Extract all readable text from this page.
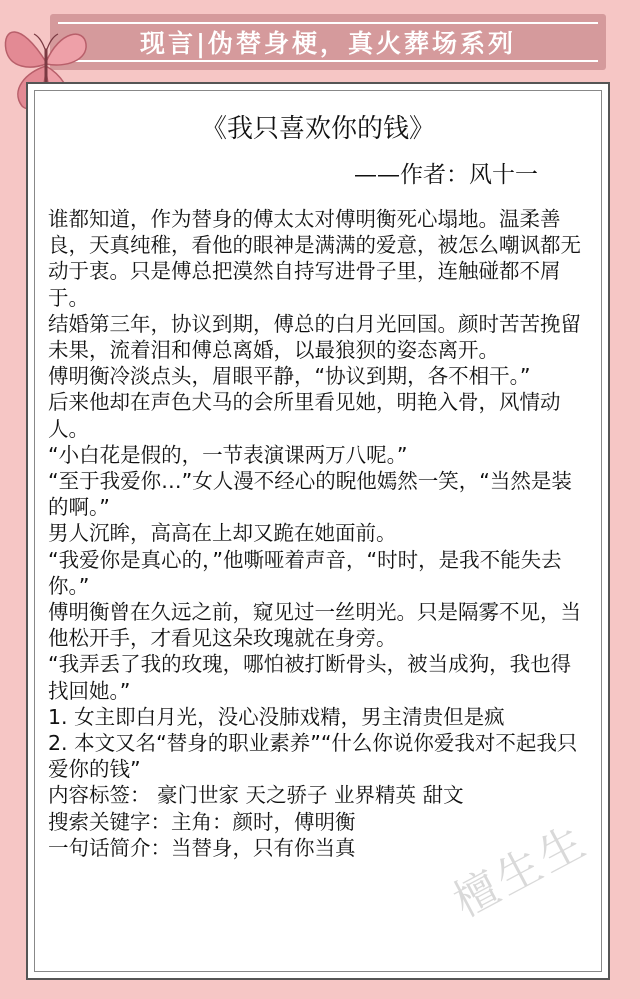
现言|伪替身梗，真火葬场系列
《我只喜欢你的钱》
——作者：风十一

谁都知道，作为替身的傅太太对傅明衡死心塌地。温柔善良，天真纯稚，看他的眼神是满满的爱意，被怎么嘲讽都无动于衷。只是傅总把漠然自持写进骨子里，连触碰都不屑于。

结婚第三年，协议到期，傅总的白月光回国。颜时苦苦挽留未果，流着泪和傅总离婚，以最狼狈的姿态离开。

傅明衡冷淡点头，眉眼平静，“协议到期，各不相干。”

后来他却在声色犬马的会所里看见她，明艳入骨，风情动人。

“小白花是假的，一节表演课两万八呢。”

“至于我爱你…”女人漫不经心的睨他嫣然一笑，“当然是装的啊。”

男人沉眸，高高在上却又跪在她面前。

“我爱你是真心的，”他嘶哑着声音，“时时，是我不能失去你。”

傅明衡曾在久远之前，窥见过一丝明光。只是隔雾不见，当他松开手，才看见这朵玫瑰就在身旁。

“我弄丢了我的玫瑰，哪怕被打断骨头，被当成狗，我也得找回她。”

1. 女主即白月光，没心没肺戏精，男主清贵但是疯

2. 本文又名“替身的职业素养”“什么你说你爱我对不起我只爱你的钱”

内容标签： 豪门世家 天之骄子 业界精英 甜文

搜索关键字：主角：颜时，傅明衡

一句话简介：当替身，只有你当真	檀生生
